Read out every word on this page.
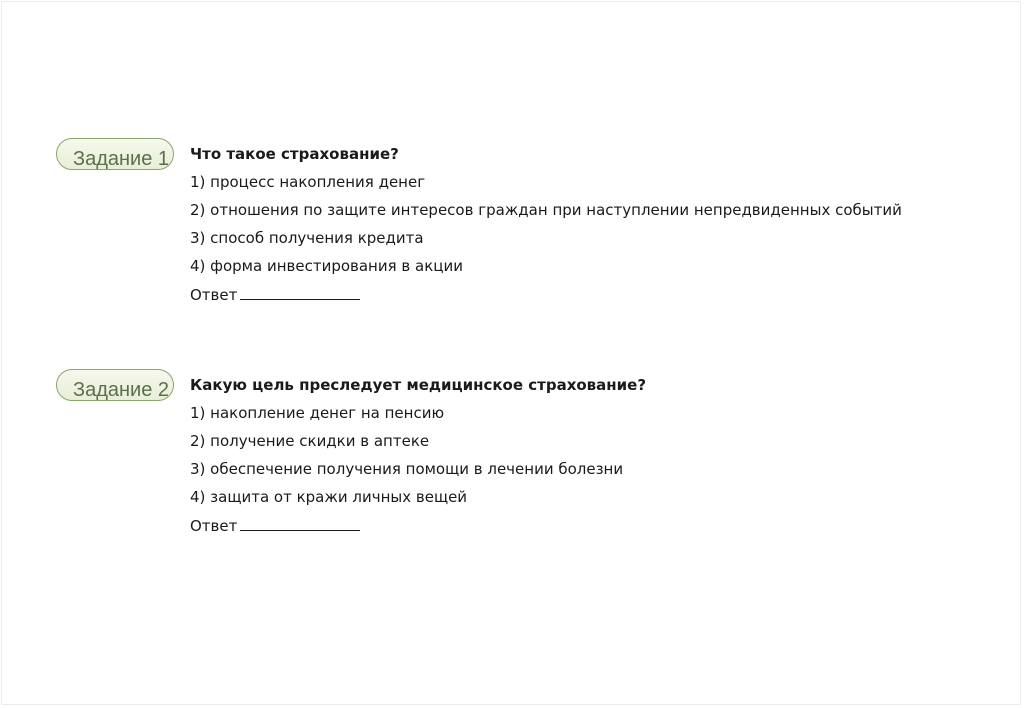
Задание 1	Что такое страхование?
1) процесс накопления денег
2) отношения по защите интересов граждан при наступлении непредвиденных событий
3) способ получения кредита
4) форма инвестирования в акции
Ответ
Задание 2	Какую цель преследует медицинское страхование?
1) накопление денег на пенсию
2) получение скидки в аптеке
3) обеспечение получения помощи в лечении болезни
4) защита от кражи личных вещей
Ответ
